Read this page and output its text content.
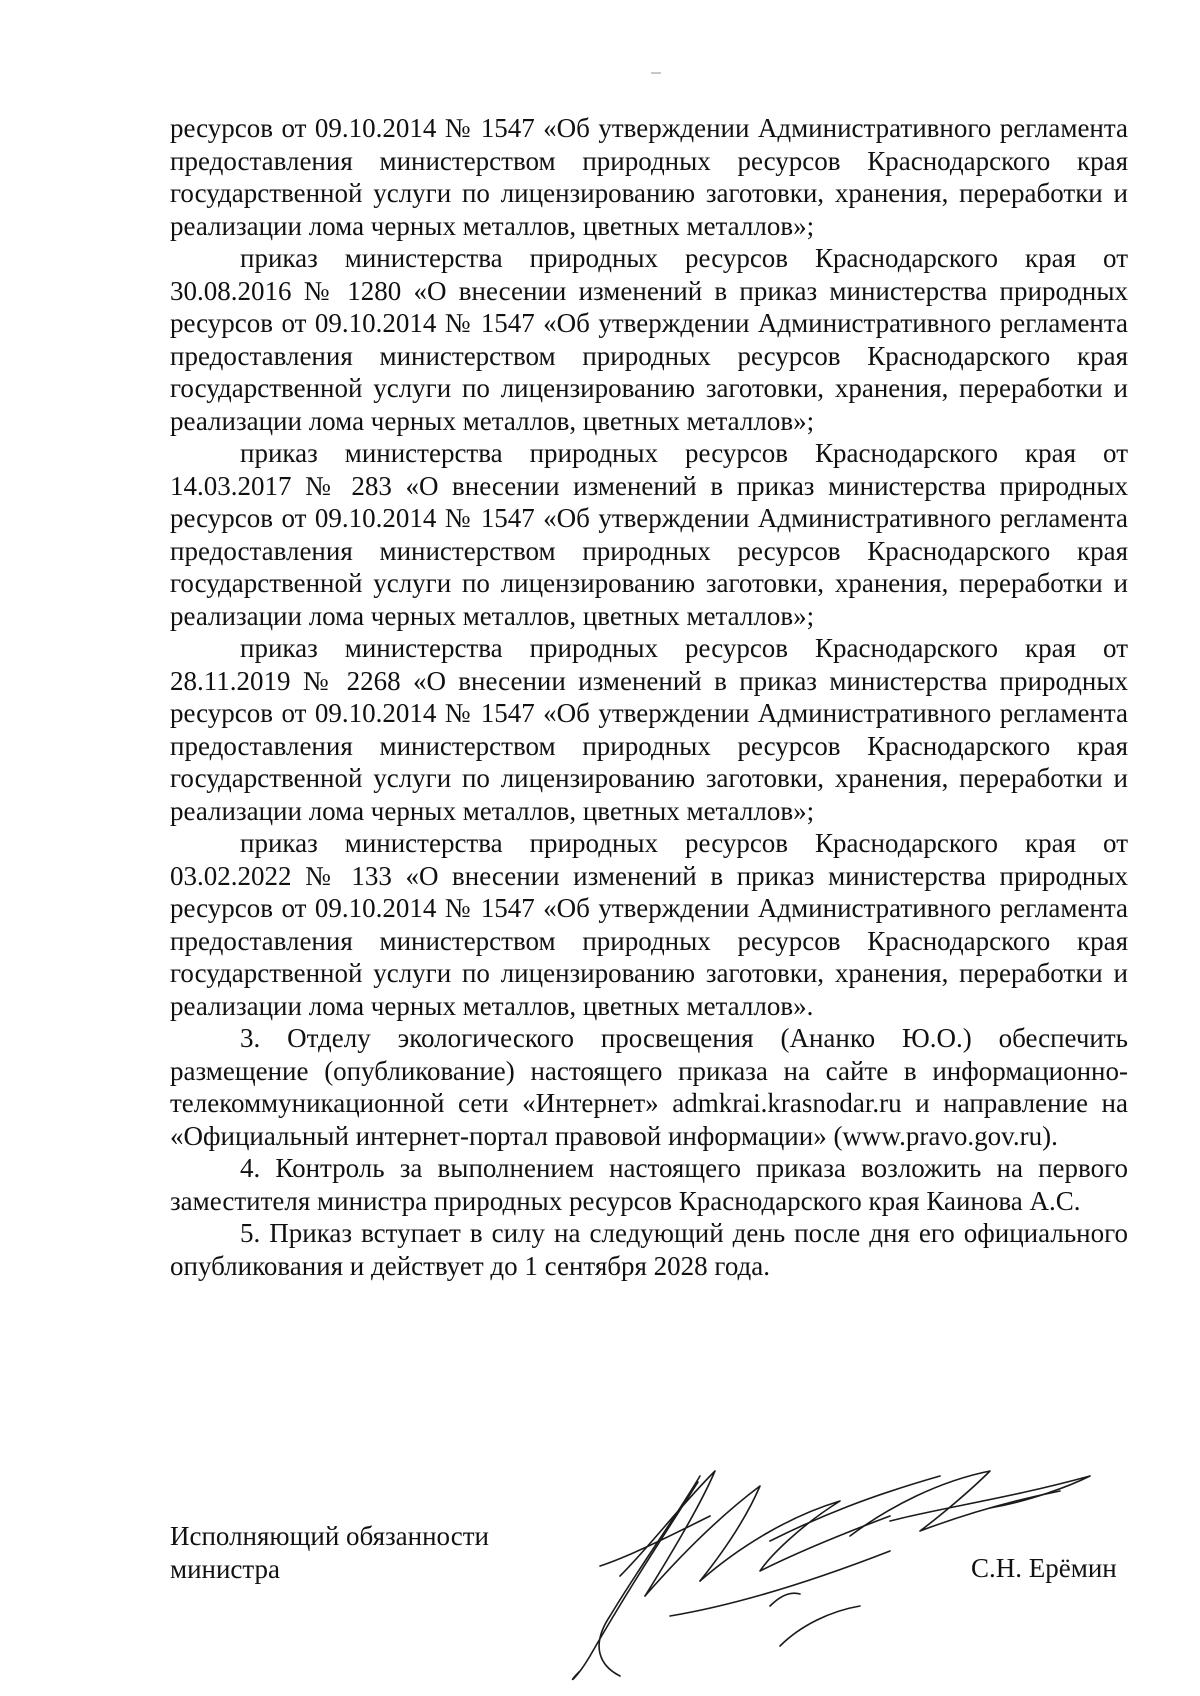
ресурсов от 09.10.2014 № 1547 «Об утверждении Административного регламента предоставления министерством природных ресурсов Краснодарского края государственной услуги по лицензированию заготовки, хранения, переработки и реализации лома черных металлов, цветных металлов»;

приказ министерства природных ресурсов Краснодарского края от 30.08.2016 № 1280 «О внесении изменений в приказ министерства природных ресурсов от 09.10.2014 № 1547 «Об утверждении Административного регламента предоставления министерством природных ресурсов Краснодарского края государственной услуги по лицензированию заготовки, хранения, переработки и реализации лома черных металлов, цветных металлов»;

приказ министерства природных ресурсов Краснодарского края от 14.03.2017 № 283 «О внесении изменений в приказ министерства природных ресурсов от 09.10.2014 № 1547 «Об утверждении Административного регламента предоставления министерством природных ресурсов Краснодарского края государственной услуги по лицензированию заготовки, хранения, переработки и реализации лома черных металлов, цветных металлов»;

приказ министерства природных ресурсов Краснодарского края от 28.11.2019 № 2268 «О внесении изменений в приказ министерства природных ресурсов от 09.10.2014 № 1547 «Об утверждении Административного регламента предоставления министерством природных ресурсов Краснодарского края государственной услуги по лицензированию заготовки, хранения, переработки и реализации лома черных металлов, цветных металлов»;

приказ министерства природных ресурсов Краснодарского края от 03.02.2022 № 133 «О внесении изменений в приказ министерства природных ресурсов от 09.10.2014 № 1547 «Об утверждении Административного регламента предоставления министерством природных ресурсов Краснодарского края государственной услуги по лицензированию заготовки, хранения, переработки и реализации лома черных металлов, цветных металлов».

3. Отделу экологического просвещения (Ананко Ю.О.) обеспечить размещение (опубликование) настоящего приказа на сайте в информационно-телекоммуникационной сети «Интернет» admkrai.krasnodar.ru и направление на «Официальный интернет-портал правовой информации» (www.pravo.gov.ru).

4. Контроль за выполнением настоящего приказа возложить на первого заместителя министра природных ресурсов Краснодарского края Каинова А.С.

5. Приказ вступает в силу на следующий день после дня его официального опубликования и действует до 1 сентября 2028 года.

Исполняющий обязанности
министра	С.Н. Ерёмин
